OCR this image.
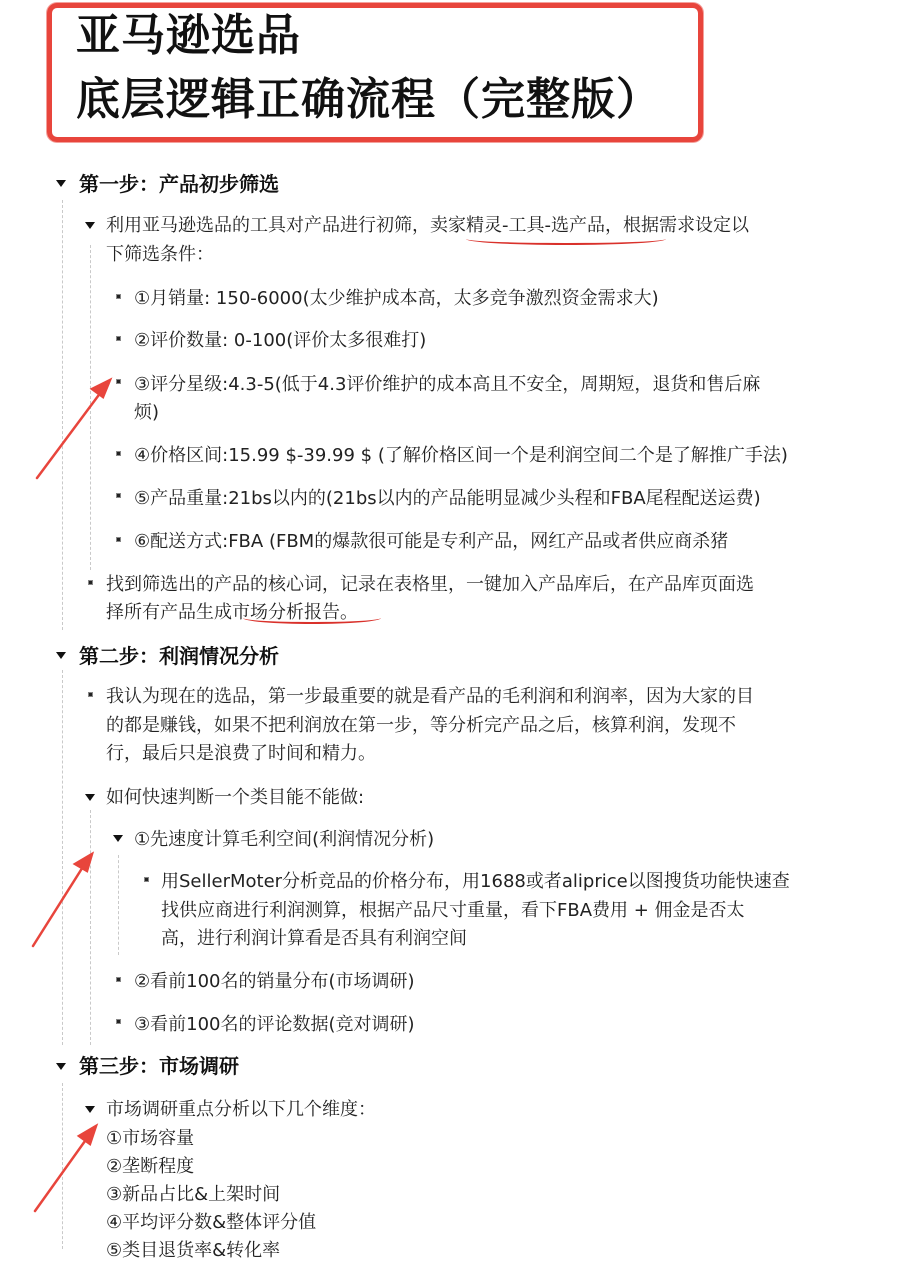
亚马逊选品
底层逻辑正确流程（完整版）
第一步：产品初步筛选
利用亚马逊选品的工具对产品进行初筛，卖家精灵-工具-选产品，根据需求设定以
下筛选条件：
①月销量: 150-6000(太少维护成本高，太多竞争激烈资金需求大)
②评价数量: 0-100(评价太多很难打)
③评分星级:4.3-5(低于4.3评价维护的成本高且不安全，周期短，退货和售后麻
烦)
④价格区间:15.99 $-39.99 $ (了解价格区间一个是利润空间二个是了解推广手法)
⑤产品重量:21bs以内的(21bs以内的产品能明显减少头程和FBA尾程配送运费)
⑥配送方式:FBA (FBM的爆款很可能是专利产品，网红产品或者供应商杀猪
找到筛选出的产品的核心词，记录在表格里，一键加入产品库后，在产品库页面选
择所有产品生成市场分析报告。
第二步：利润情况分析
我认为现在的选品，第一步最重要的就是看产品的毛利润和利润率，因为大家的目
的都是赚钱，如果不把利润放在第一步，等分析完产品之后，核算利润，发现不
行，最后只是浪费了时间和精力。
如何快速判断一个类目能不能做:
①先速度计算毛利空间(利润情况分析)
用SellerMoter分析竞品的价格分布，用1688或者aliprice以图搜货功能快速查
找供应商进行利润测算，根据产品尺寸重量，看下FBA费用 + 佣金是否太
高，进行利润计算看是否具有利润空间
②看前100名的销量分布(市场调研)
③看前100名的评论数据(竞对调研)
第三步：市场调研
市场调研重点分析以下几个维度：
①市场容量
②垄断程度
③新品占比&上架时间
④平均评分数&整体评分值
⑤类目退货率&转化率
